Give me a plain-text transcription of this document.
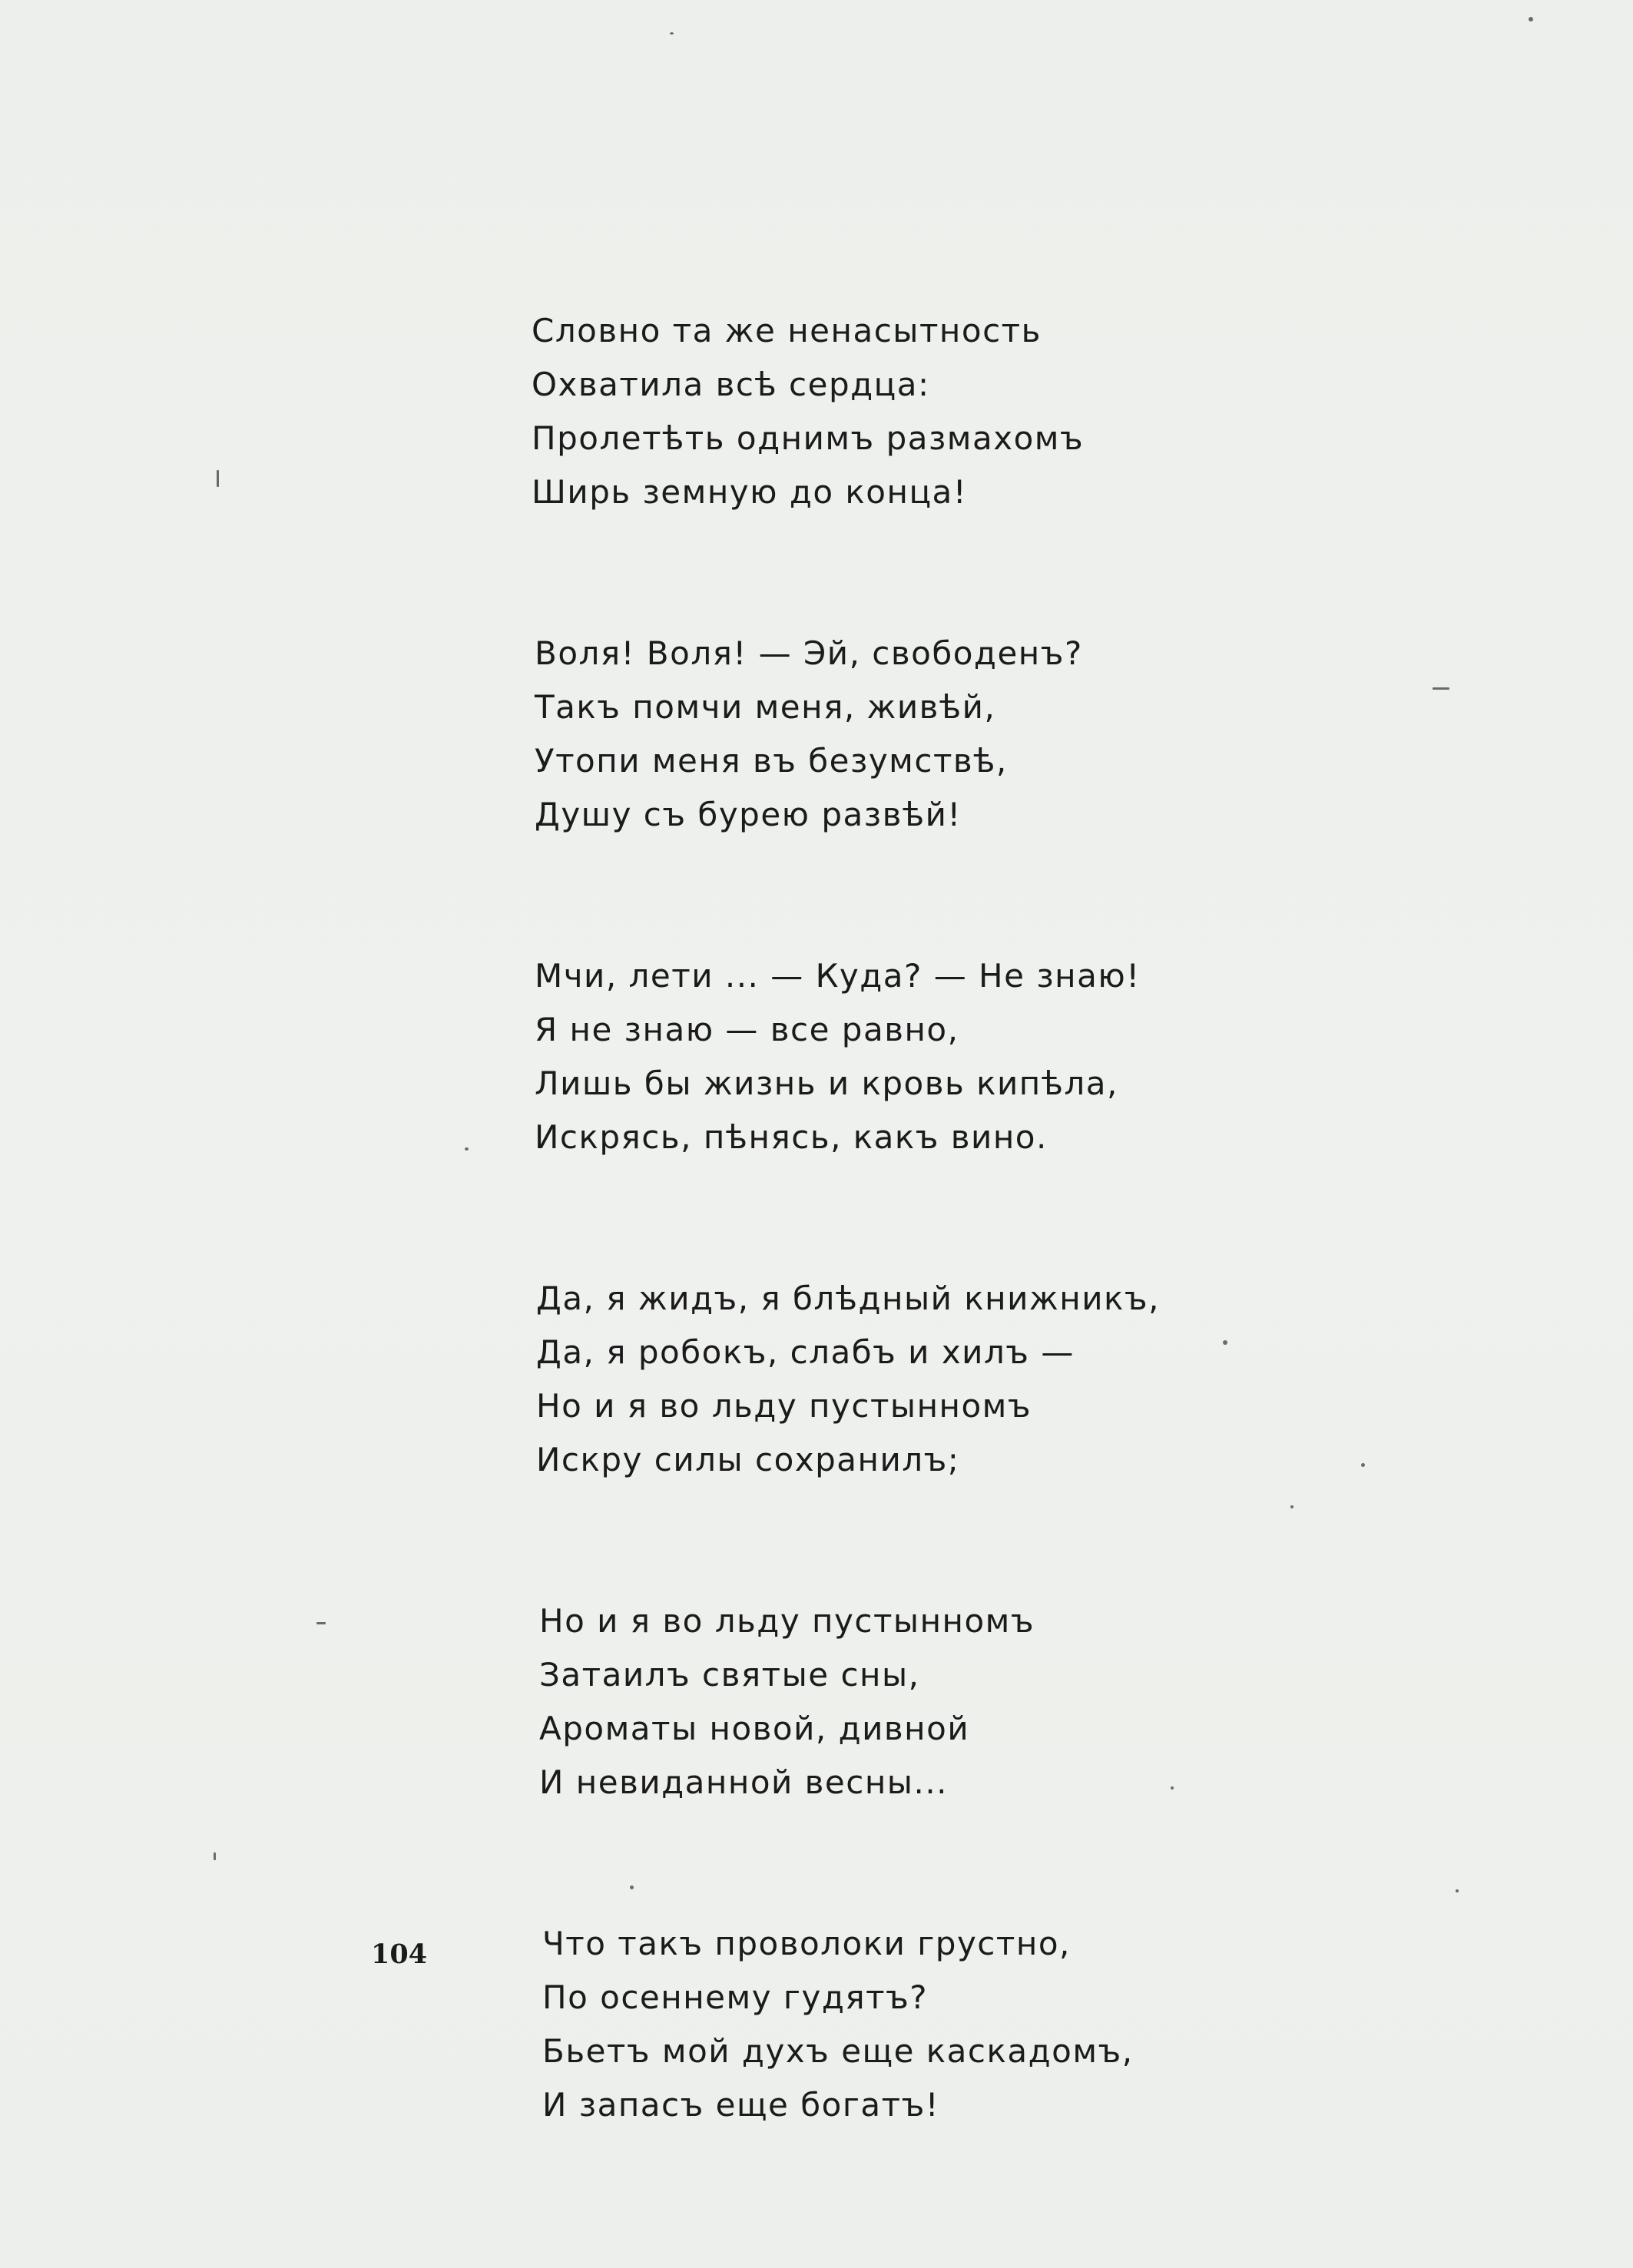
Словно та же ненасытность
Охватила всѣ сердца:
Пролетѣть однимъ размахомъ
Ширь земную до конца!
Воля! Воля! — Эй, свободенъ?
Такъ помчи меня, живѣй,
Утопи меня въ безумствѣ,
Душу съ бурею развѣй!
Мчи, лети ... — Куда? — Не знаю!
Я не знаю — все равно,
Лишь бы жизнь и кровь кипѣла,
Искрясь, пѣнясь, какъ вино.
Да, я жидъ, я блѣдный книжникъ,
Да, я робокъ, слабъ и хилъ —
Но и я во льду пустынномъ
Искру силы сохранилъ;
Но и я во льду пустынномъ
Затаилъ святые сны,
Ароматы новой, дивной
И невиданной весны...
Что такъ проволоки грустно,
По осеннему гудятъ?
Бьетъ мой духъ еще каскадомъ,
И запасъ еще богатъ!
104
